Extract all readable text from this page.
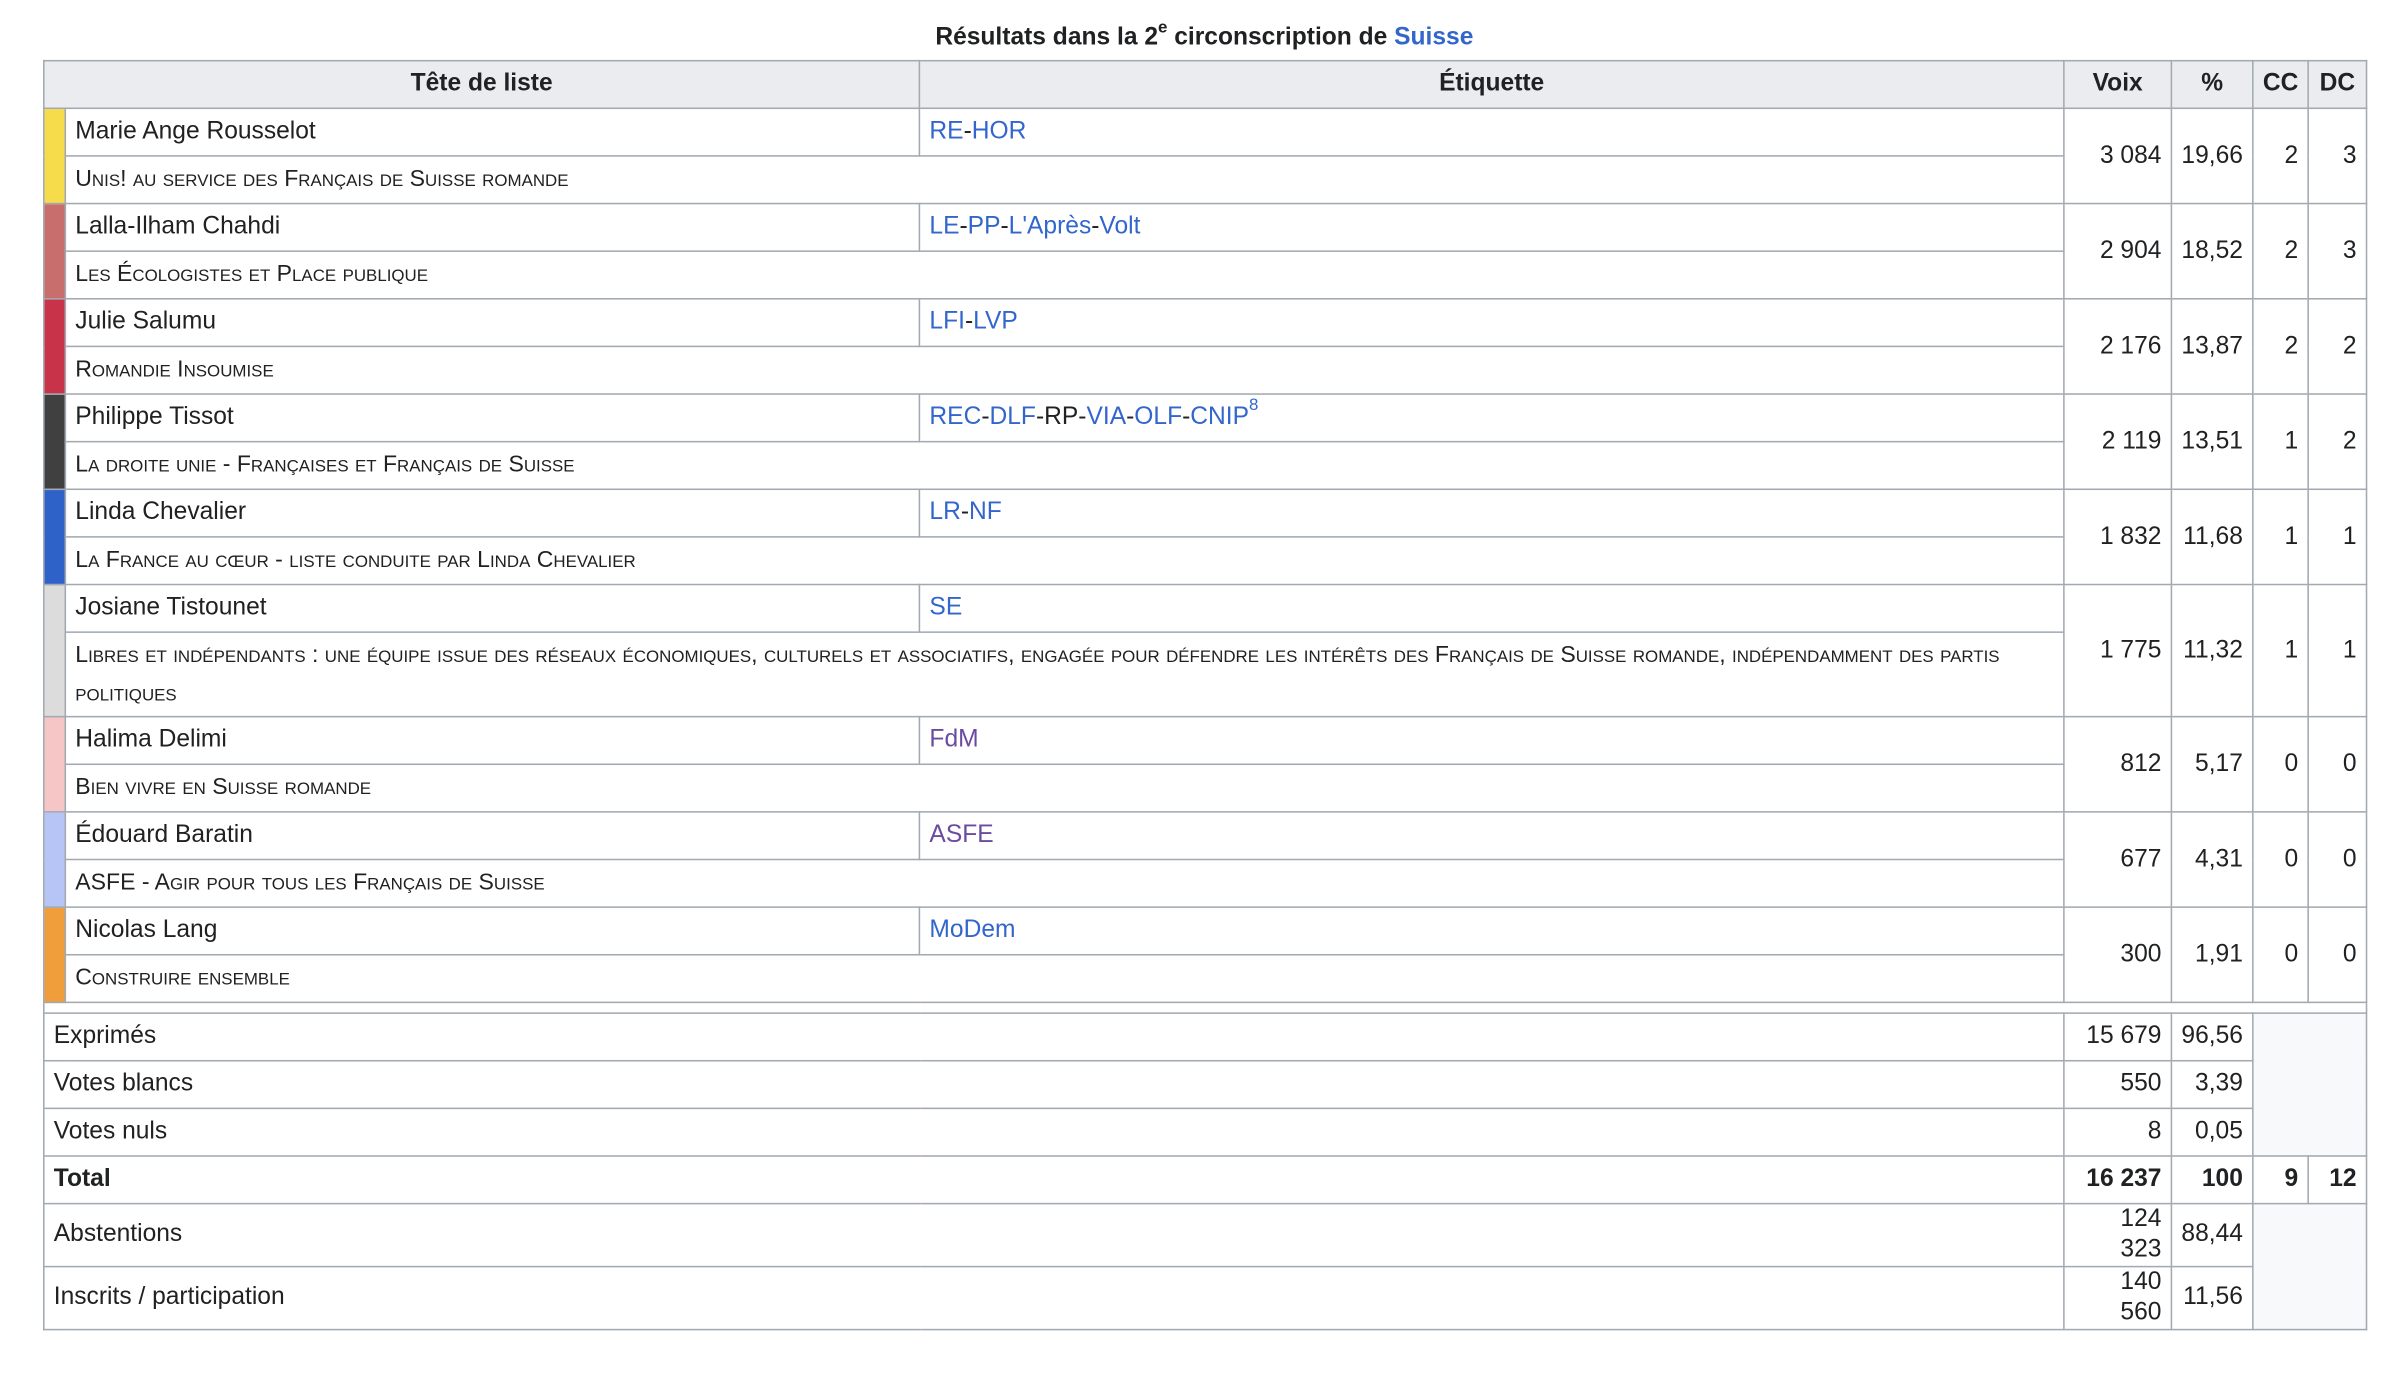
Résultats dans la 2e circonscription de Suisse
Tête de liste		Étiquette	Voix	%	CC	DC
	Marie Ange Rousselot	RE-HOR	3 084	19,66	2	3
	Unis! au service des Français de Suisse romande					
	Lalla-Ilham Chahdi	LE-PP-L'Après-Volt	2 904	18,52	2	3
	Les Écologistes et Place publique					
	Julie Salumu	LFI-LVP	2 176	13,87	2	2
	Romandie Insoumise					
	Philippe Tissot	REC-DLF-RP-VIA-OLF-CNIP$^8$	2 119	13,51	1	2
	La droite unie - Françaises et Français de Suisse					
	Linda Chevalier	LR-NF	1 832	11,68	1	1
	La France au cœur - liste conduite par Linda Chevalier					
	Josiane Tistounet	SE	1 775	11,32	1	1
	Libres et indépendants : une équipe issue des réseaux économiques, culturels et associatifs, engagée pour défendre les intérêts des Français de Suisse romande, indépendamment des partis politiques					
	Halima Delimi	FdM	812	5,17	0	0
	Bien vivre en Suisse romande					
	Édouard Baratin	ASFE	677	4,31	0	0
	ASFE - Agir pour tous les Français de Suisse					
	Nicolas Lang	MoDem	300	1,91	0	0
	Construire ensemble					

Exprimés			15 679	96,56		
Votes blancs			550	3,39		
Votes nuls			8	0,05		
Total			16 237	100	9	12
Abstentions			124 323	88,44		
Inscrits / participation			140 560	11,56		
